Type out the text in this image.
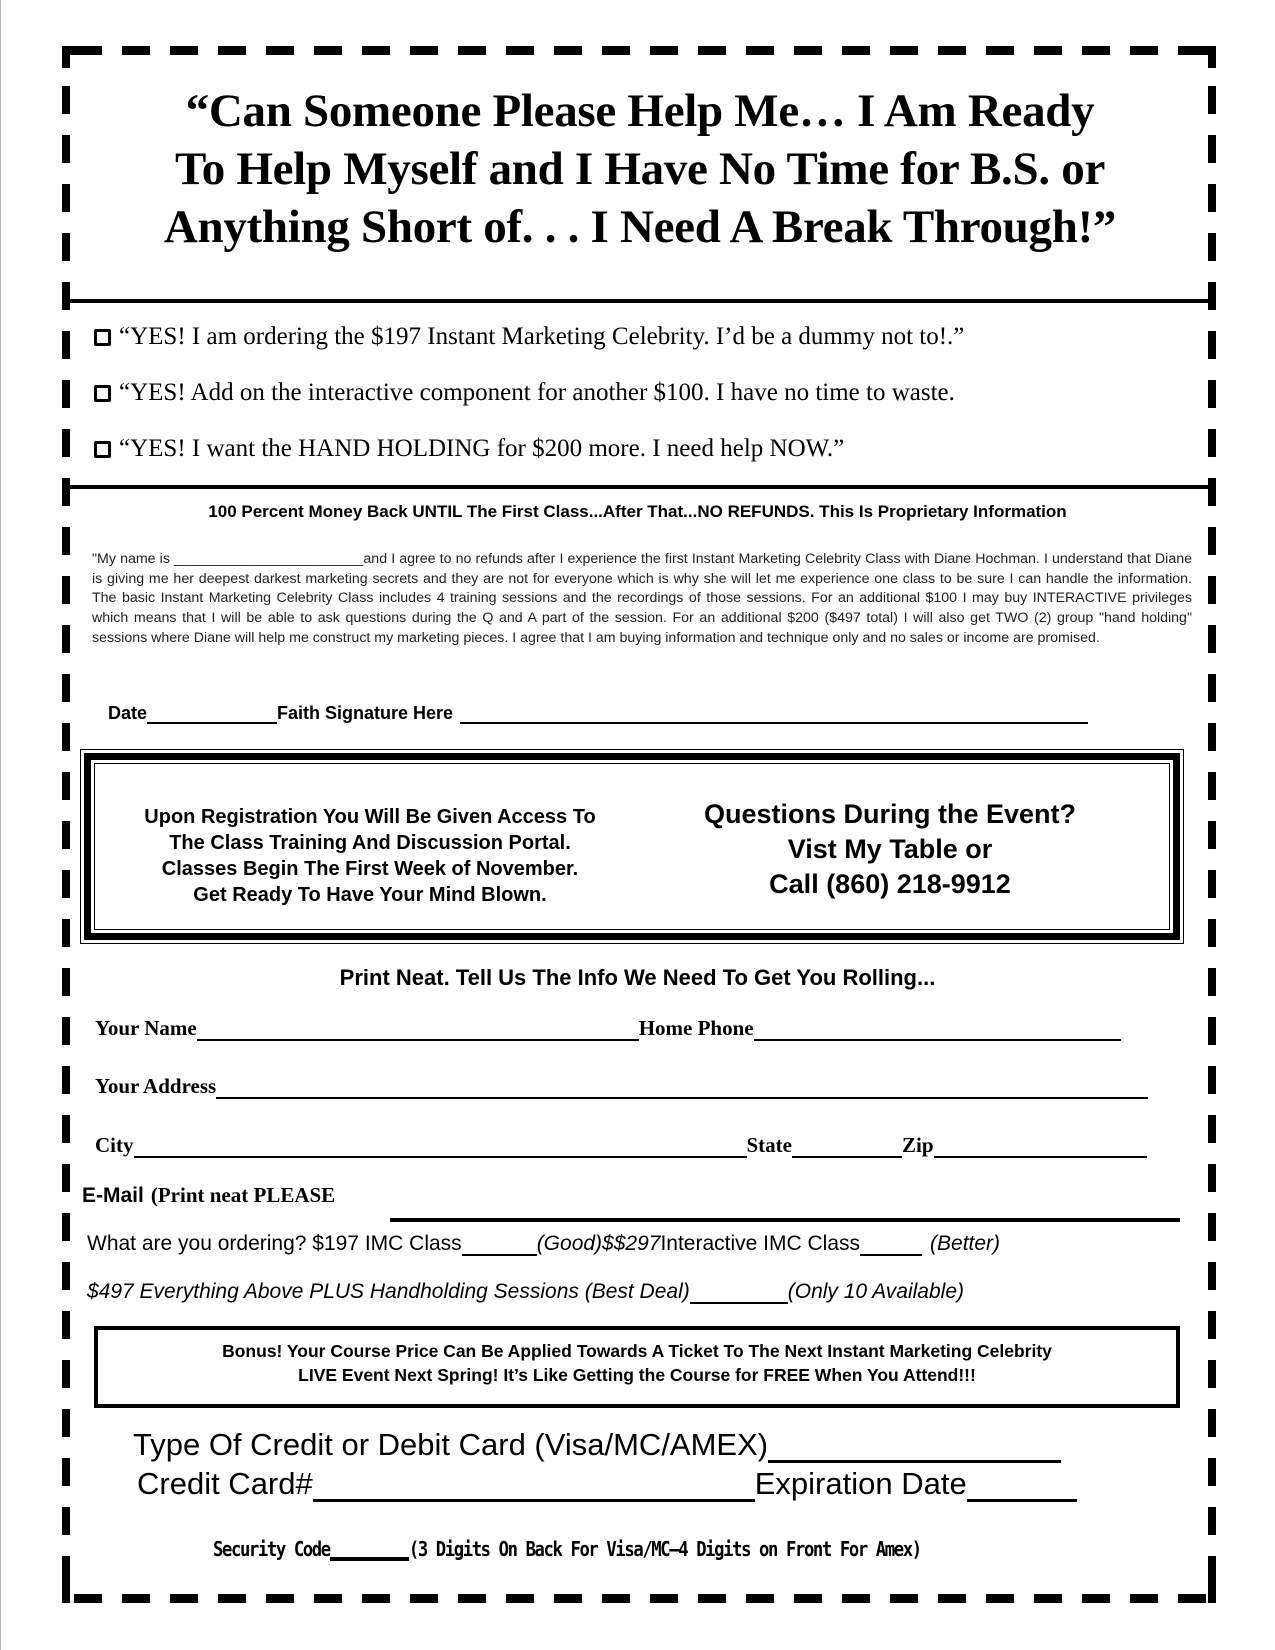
“Can Someone Please Help Me… I Am Ready
To Help Myself and I Have No Time for B.S. or
Anything Short of. . . I Need A Break Through!”
“YES! I am ordering the $197 Instant Marketing Celebrity. I’d be a dummy not to!.”
“YES! Add on the interactive component for another $100. I have no time to waste.
“YES! I want the HAND HOLDING for $200 more. I need help NOW.”
100 Percent Money Back UNTIL The First Class...After That...NO REFUNDS. This Is Proprietary Information
"My name is ________________________and I agree to no refunds after I experience the first Instant Marketing Celebrity Class with Diane Hochman. I understand that Diane is giving me her deepest darkest marketing secrets and they are not for everyone which is why she will let me experience one class to be sure I can handle the information. The basic Instant Marketing Celebrity Class includes 4 training sessions and the recordings of those sessions. For an additional $100 I may buy INTERACTIVE privileges which means that I will be able to ask questions during the Q and A part of the session. For an additional $200 ($497 total) I will also get TWO (2) group "hand holding" sessions where Diane will help me construct my marketing pieces. I agree that I am buying information and technique only and no sales or income are promised.
Date	Faith Signature Here
Upon Registration You Will Be Given Access To
The Class Training And Discussion Portal.
Classes Begin The First Week of November.
Get Ready To Have Your Mind Blown.
Questions During the Event?
Vist My Table or
Call (860) 218-9912
Print Neat. Tell Us The Info We Need To Get You Rolling...
Your Name	Home Phone
Your Address
City	State	Zip
E-Mail (Print neat PLEASE
What are you ordering? $197 IMC Class	(Good)$$297 Interactive IMC Class	(Better)
$497 Everything Above PLUS Handholding Sessions (Best Deal)	(Only 10 Available)
Bonus! Your Course Price Can Be Applied Towards A Ticket To The Next Instant Marketing Celebrity
LIVE Event Next Spring! It’s Like Getting the Course for FREE When You Attend!!!
Type Of Credit or Debit Card (Visa/MC/AMEX)
Credit Card#	Expiration Date
Security Code	(3 Digits On Back For Visa/MC—4 Digits on Front For Amex)
